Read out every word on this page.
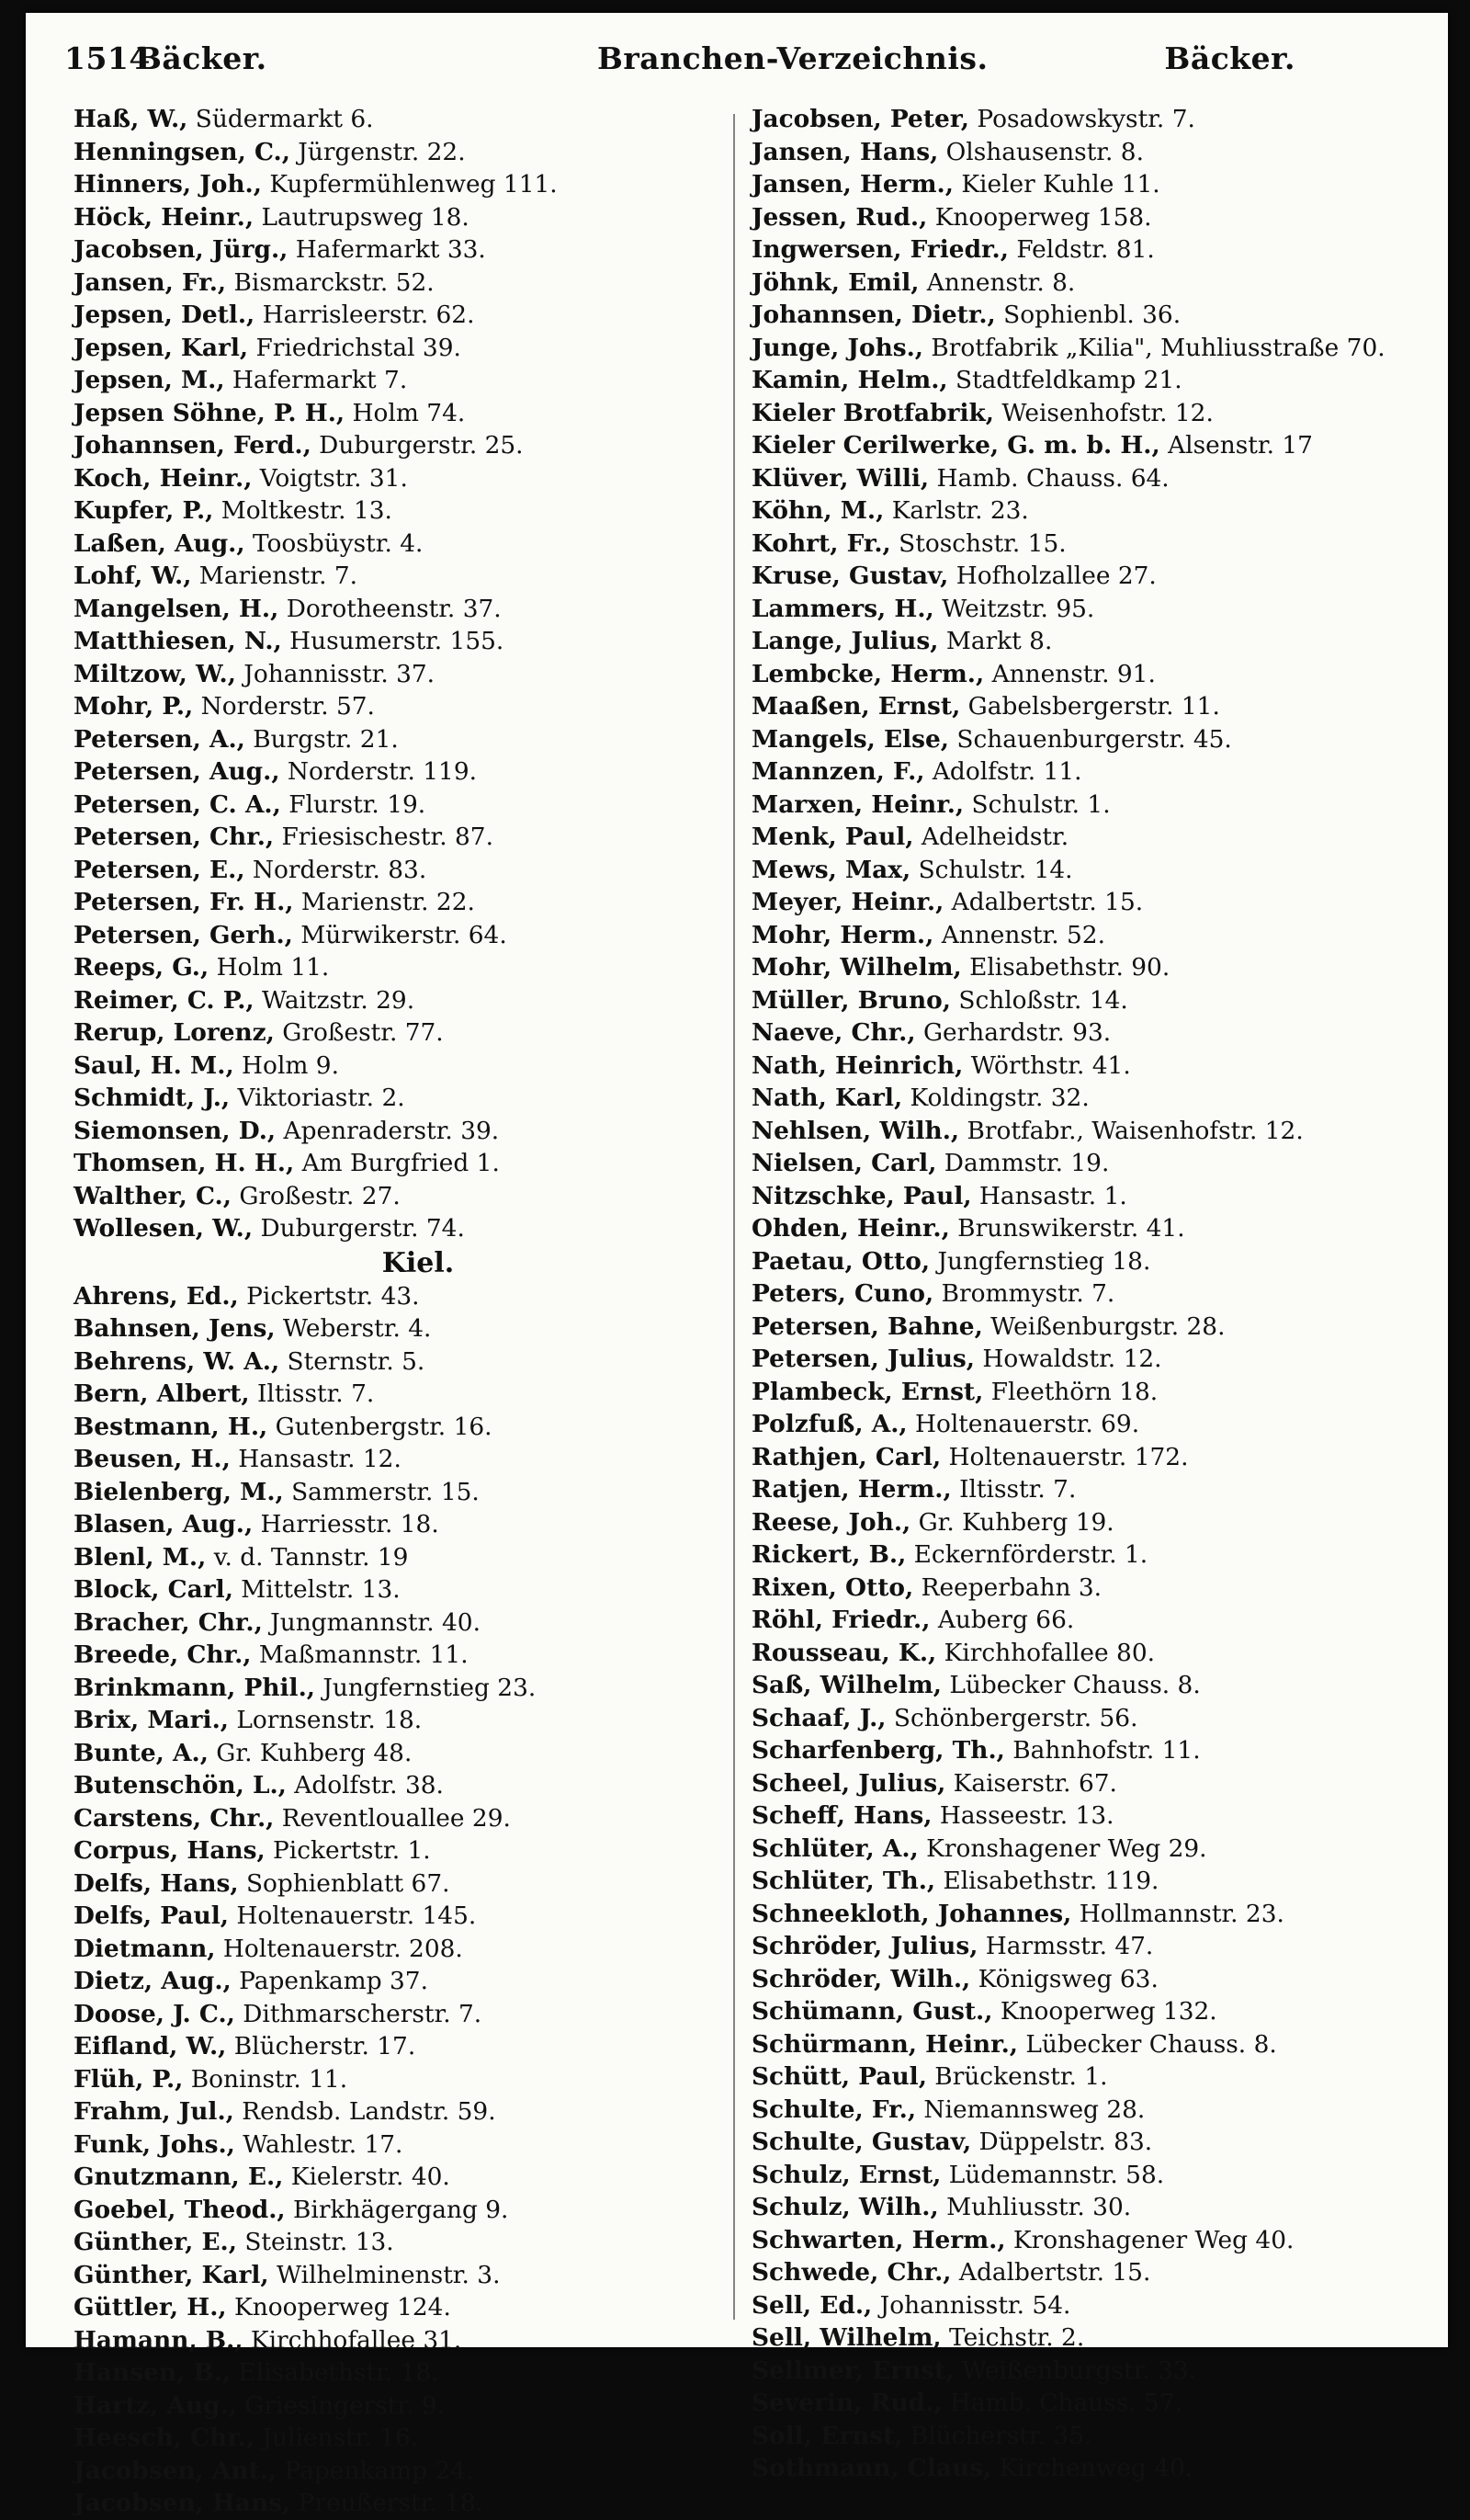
1514
Bäcker.	Branchen-Verzeichnis.	Bäcker.
Haß, W., Südermarkt 6.
Henningsen, C., Jürgenstr. 22.
Hinners, Joh., Kupfermühlenweg 111.
Höck, Heinr., Lautrupsweg 18.
Jacobsen, Jürg., Hafermarkt 33.
Jansen, Fr., Bismarckstr. 52.
Jepsen, Detl., Harrisleerstr. 62.
Jepsen, Karl, Friedrichstal 39.
Jepsen, M., Hafermarkt 7.
Jepsen Söhne, P. H., Holm 74.
Johannsen, Ferd., Duburgerstr. 25.
Koch, Heinr., Voigtstr. 31.
Kupfer, P., Moltkestr. 13.
Laßen, Aug., Toosbüystr. 4.
Lohf, W., Marienstr. 7.
Mangelsen, H., Dorotheenstr. 37.
Matthiesen, N., Husumerstr. 155.
Miltzow, W., Johannisstr. 37.
Mohr, P., Norderstr. 57.
Petersen, A., Burgstr. 21.
Petersen, Aug., Norderstr. 119.
Petersen, C. A., Flurstr. 19.
Petersen, Chr., Friesischestr. 87.
Petersen, E., Norderstr. 83.
Petersen, Fr. H., Marienstr. 22.
Petersen, Gerh., Mürwikerstr. 64.
Reeps, G., Holm 11.
Reimer, C. P., Waitzstr. 29.
Rerup, Lorenz, Großestr. 77.
Saul, H. M., Holm 9.
Schmidt, J., Viktoriastr. 2.
Siemonsen, D., Apenraderstr. 39.
Thomsen, H. H., Am Burgfried 1.
Walther, C., Großestr. 27.
Wollesen, W., Duburgerstr. 74.
Kiel.
Ahrens, Ed., Pickertstr. 43.
Bahnsen, Jens, Weberstr. 4.
Behrens, W. A., Sternstr. 5.
Bern, Albert, Iltisstr. 7.
Bestmann, H., Gutenbergstr. 16.
Beusen, H., Hansastr. 12.
Bielenberg, M., Sammerstr. 15.
Blasen, Aug., Harriesstr. 18.
Blenl, M., v. d. Tannstr. 19
Block, Carl, Mittelstr. 13.
Bracher, Chr., Jungmannstr. 40.
Breede, Chr., Maßmannstr. 11.
Brinkmann, Phil., Jungfernstieg 23.
Brix, Mari., Lornsenstr. 18.
Bunte, A., Gr. Kuhberg 48.
Butenschön, L., Adolfstr. 38.
Carstens, Chr., Reventlouallee 29.
Corpus, Hans, Pickertstr. 1.
Delfs, Hans, Sophienblatt 67.
Delfs, Paul, Holtenauerstr. 145.
Dietmann, Holtenauerstr. 208.
Dietz, Aug., Papenkamp 37.
Doose, J. C., Dithmarscherstr. 7.
Eifland, W., Blücherstr. 17.
Flüh, P., Boninstr. 11.
Frahm, Jul., Rendsb. Landstr. 59.
Funk, Johs., Wahlestr. 17.
Gnutzmann, E., Kielerstr. 40.
Goebel, Theod., Birkhägergang 9.
Günther, E., Steinstr. 13.
Günther, Karl, Wilhelminenstr. 3.
Güttler, H., Knooperweg 124.
Hamann, B., Kirchhofallee 31.
Hansen, B., Elisabethstr. 18.
Hartz, Aug., Griesingerstr. 9.
Heesch, Chr., Julienstr. 16.
Jacobsen, Ant., Papenkamp 24.
Jacobsen, Hans, Preußerstr. 18.
Jacobsen, Peter, Posadowskystr. 7.
Jansen, Hans, Olshausenstr. 8.
Jansen, Herm., Kieler Kuhle 11.
Jessen, Rud., Knooperweg 158.
Ingwersen, Friedr., Feldstr. 81.
Jöhnk, Emil, Annenstr. 8.
Johannsen, Dietr., Sophienbl. 36.
Junge, Johs., Brotfabrik „Kilia", Muhliusstraße 70.
Kamin, Helm., Stadtfeldkamp 21.
Kieler Brotfabrik, Weisenhofstr. 12.
Kieler Cerilwerke, G. m. b. H., Alsenstr. 17
Klüver, Willi, Hamb. Chauss. 64.
Köhn, M., Karlstr. 23.
Kohrt, Fr., Stoschstr. 15.
Kruse, Gustav, Hofholzallee 27.
Lammers, H., Weitzstr. 95.
Lange, Julius, Markt 8.
Lembcke, Herm., Annenstr. 91.
Maaßen, Ernst, Gabelsbergerstr. 11.
Mangels, Else, Schauenburgerstr. 45.
Mannzen, F., Adolfstr. 11.
Marxen, Heinr., Schulstr. 1.
Menk, Paul, Adelheidstr.
Mews, Max, Schulstr. 14.
Meyer, Heinr., Adalbertstr. 15.
Mohr, Herm., Annenstr. 52.
Mohr, Wilhelm, Elisabethstr. 90.
Müller, Bruno, Schloßstr. 14.
Naeve, Chr., Gerhardstr. 93.
Nath, Heinrich, Wörthstr. 41.
Nath, Karl, Koldingstr. 32.
Nehlsen, Wilh., Brotfabr., Waisenhofstr. 12.
Nielsen, Carl, Dammstr. 19.
Nitzschke, Paul, Hansastr. 1.
Ohden, Heinr., Brunswikerstr. 41.
Paetau, Otto, Jungfernstieg 18.
Peters, Cuno, Brommystr. 7.
Petersen, Bahne, Weißenburgstr. 28.
Petersen, Julius, Howaldstr. 12.
Plambeck, Ernst, Fleethörn 18.
Polzfuß, A., Holtenauerstr. 69.
Rathjen, Carl, Holtenauerstr. 172.
Ratjen, Herm., Iltisstr. 7.
Reese, Joh., Gr. Kuhberg 19.
Rickert, B., Eckernförderstr. 1.
Rixen, Otto, Reeperbahn 3.
Röhl, Friedr., Auberg 66.
Rousseau, K., Kirchhofallee 80.
Saß, Wilhelm, Lübecker Chauss. 8.
Schaaf, J., Schönbergerstr. 56.
Scharfenberg, Th., Bahnhofstr. 11.
Scheel, Julius, Kaiserstr. 67.
Scheff, Hans, Hasseestr. 13.
Schlüter, A., Kronshagener Weg 29.
Schlüter, Th., Elisabethstr. 119.
Schneekloth, Johannes, Hollmannstr. 23.
Schröder, Julius, Harmsstr. 47.
Schröder, Wilh., Königsweg 63.
Schümann, Gust., Knooperweg 132.
Schürmann, Heinr., Lübecker Chauss. 8.
Schütt, Paul, Brückenstr. 1.
Schulte, Fr., Niemannsweg 28.
Schulte, Gustav, Düppelstr. 83.
Schulz, Ernst, Lüdemannstr. 58.
Schulz, Wilh., Muhliusstr. 30.
Schwarten, Herm., Kronshagener Weg 40.
Schwede, Chr., Adalbertstr. 15.
Sell, Ed., Johannisstr. 54.
Sell, Wilhelm, Teichstr. 2.
Sellmer, Ernst, Weißenburgstr. 33.
Severin, Rud., Hamb. Chauss. 57.
Soll, Ernst, Blücherstr. 35.
Sothmann, Claus, Kirchenweg 40.
